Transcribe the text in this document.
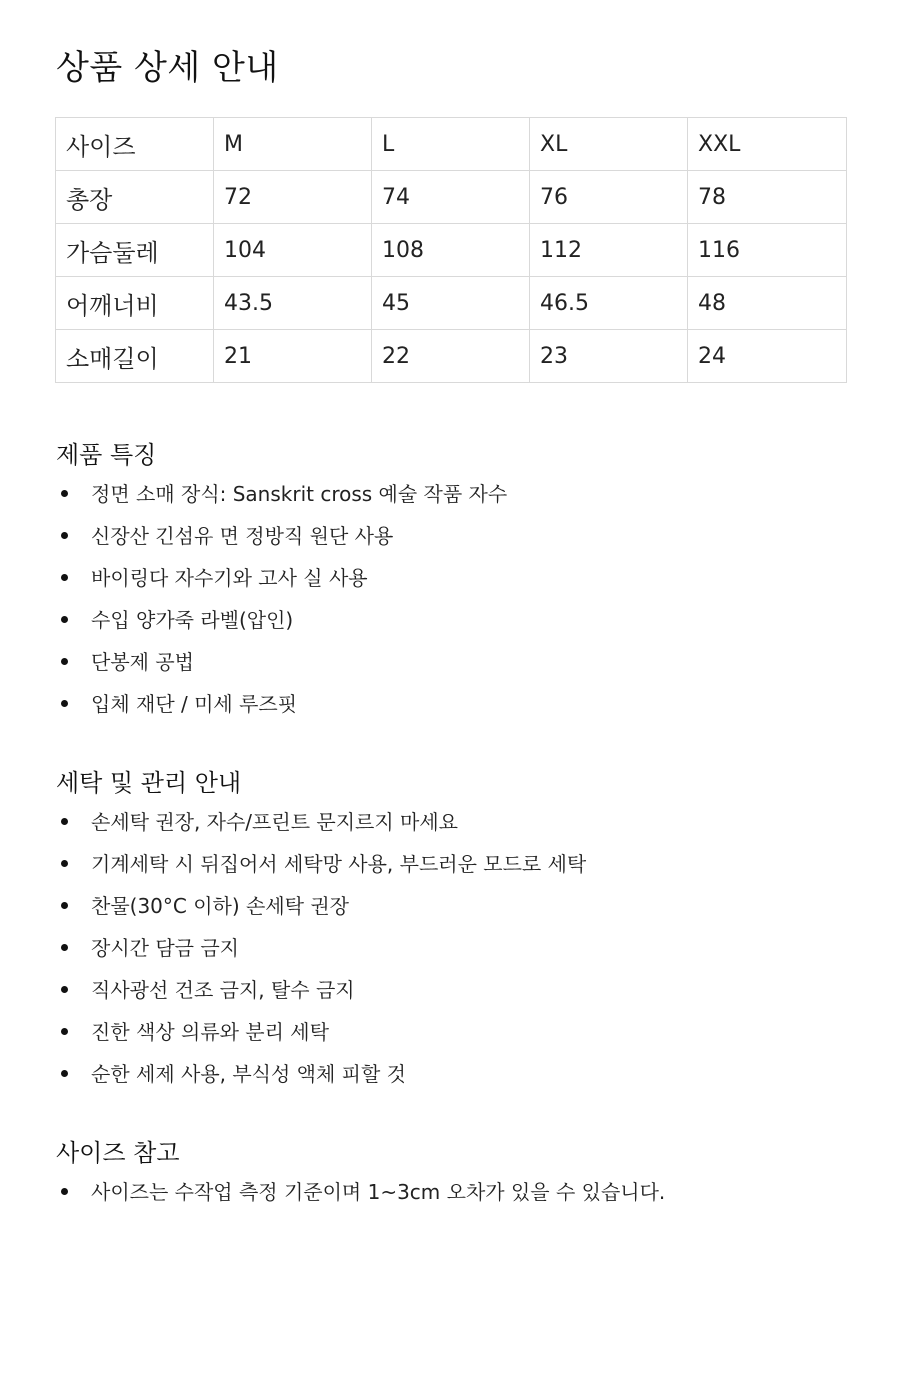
상품 상세 안내
사이즈	M	L	XL	XXL
총장	72	74	76	78
가슴둘레	104	108	112	116
어깨너비	43.5	45	46.5	48
소매길이	21	22	23	24
제품 특징
정면 소매 장식: Sanskrit cross 예술 작품 자수
신장산 긴섬유 면 정방직 원단 사용
바이링다 자수기와 고사 실 사용
수입 양가죽 라벨(압인)
단봉제 공법
입체 재단 / 미세 루즈핏
세탁 및 관리 안내
손세탁 권장, 자수/프린트 문지르지 마세요
기계세탁 시 뒤집어서 세탁망 사용, 부드러운 모드로 세탁
찬물(30°C 이하) 손세탁 권장
장시간 담금 금지
직사광선 건조 금지, 탈수 금지
진한 색상 의류와 분리 세탁
순한 세제 사용, 부식성 액체 피할 것
사이즈 참고
사이즈는 수작업 측정 기준이며 1~3cm 오차가 있을 수 있습니다.
